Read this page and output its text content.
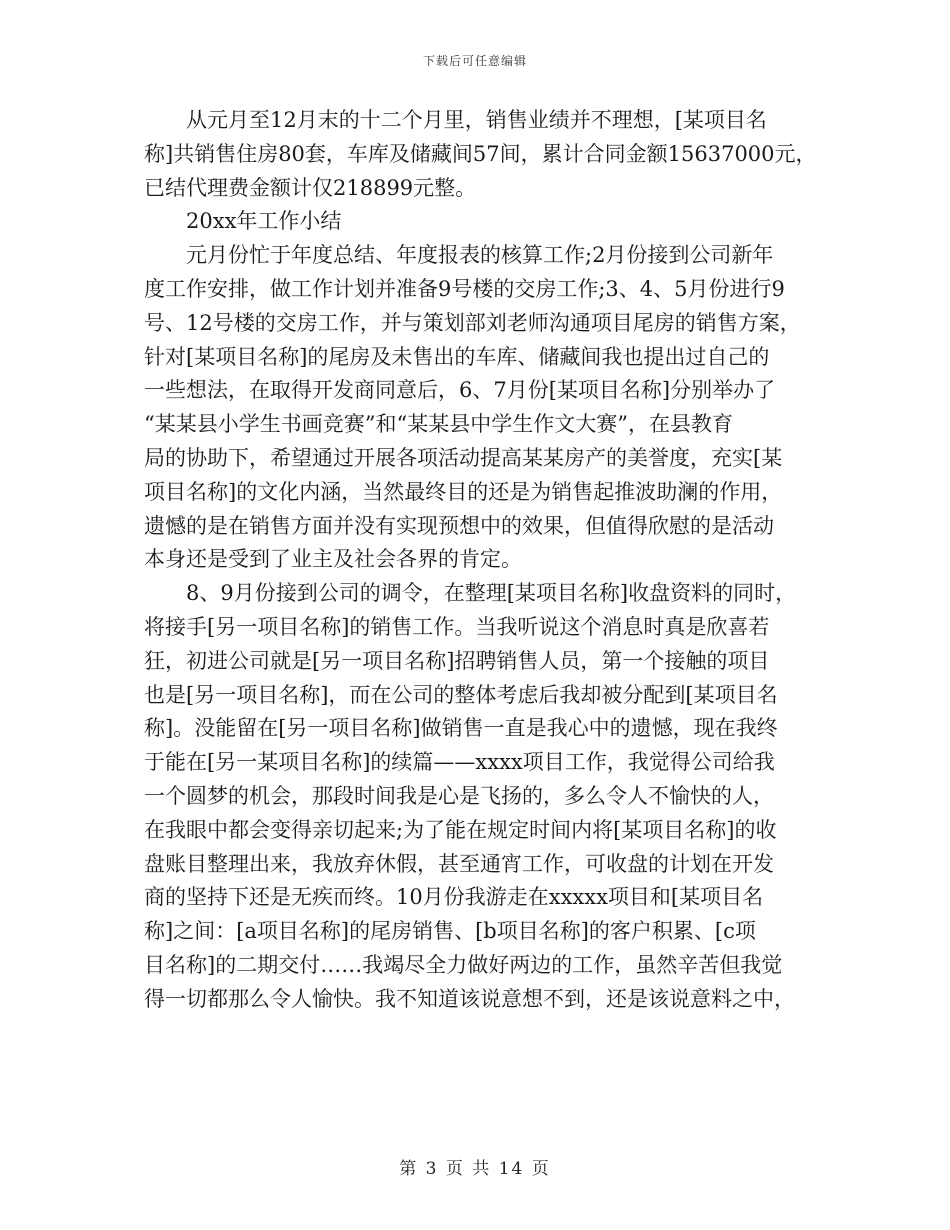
下载后可任意编辑
从元月至12月末的十二个月里，销售业绩并不理想，[某项目名
称]共销售住房80套，车库及储藏间57间，累计合同金额15637000元，
已结代理费金额计仅218899元整。
20xx年工作小结
元月份忙于年度总结、年度报表的核算工作;2月份接到公司新年
度工作安排，做工作计划并准备9号楼的交房工作;3、4、5月份进行9
号、12号楼的交房工作，并与策划部刘老师沟通项目尾房的销售方案，
针对[某项目名称]的尾房及未售出的车库、储藏间我也提出过自己的
一些想法，在取得开发商同意后，6、7月份[某项目名称]分别举办了
“某某县小学生书画竞赛”和“某某县中学生作文大赛”，在县教育
局的协助下，希望通过开展各项活动提高某某房产的美誉度，充实[某
项目名称]的文化内涵，当然最终目的还是为销售起推波助澜的作用，
遗憾的是在销售方面并没有实现预想中的效果，但值得欣慰的是活动
本身还是受到了业主及社会各界的肯定。
8、9月份接到公司的调令，在整理[某项目名称]收盘资料的同时，
将接手[另一项目名称]的销售工作。当我听说这个消息时真是欣喜若
狂，初进公司就是[另一项目名称]招聘销售人员，第一个接触的项目
也是[另一项目名称]，而在公司的整体考虑后我却被分配到[某项目名
称]。没能留在[另一项目名称]做销售一直是我心中的遗憾，现在我终
于能在[另一某项目名称]的续篇——xxxx项目工作，我觉得公司给我
一个圆梦的机会，那段时间我是心是飞扬的，多么令人不愉快的人，
在我眼中都会变得亲切起来;为了能在规定时间内将[某项目名称]的收
盘账目整理出来，我放弃休假，甚至通宵工作，可收盘的计划在开发
商的坚持下还是无疾而终。10月份我游走在xxxxx项目和[某项目名
称]之间：[a项目名称]的尾房销售、[b项目名称]的客户积累、[c项
目名称]的二期交付……我竭尽全力做好两边的工作，虽然辛苦但我觉
得一切都那么令人愉快。我不知道该说意想不到，还是该说意料之中，
第 3 页 共 14 页
